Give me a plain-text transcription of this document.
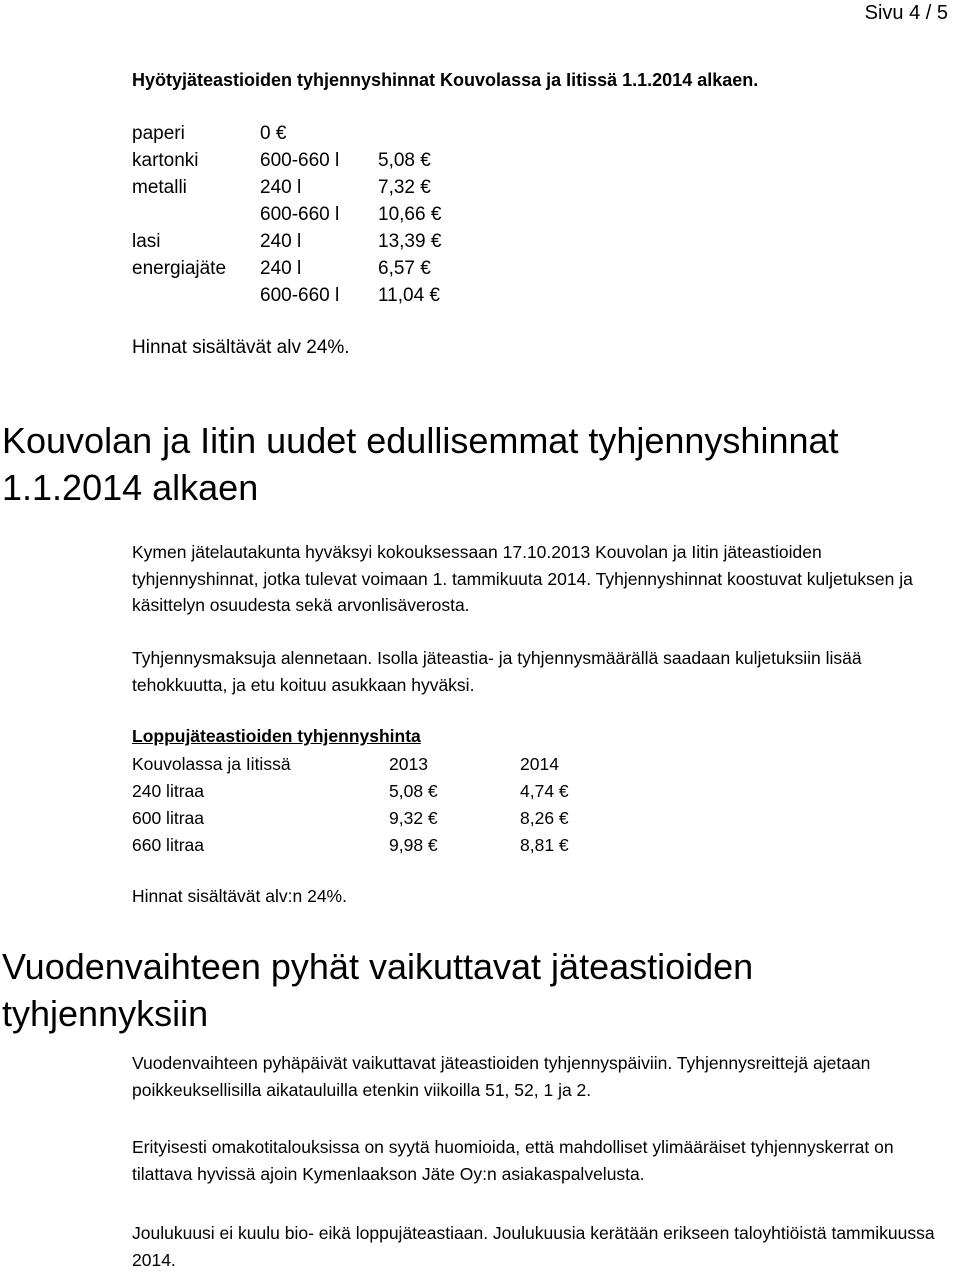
Sivu 4 / 5
Hyötyjäteastioiden tyhjennyshinnat Kouvolassa ja Iitissä 1.1.2014 alkaen.
paperi	0 €
kartonki	600-660 l 5,08 €
metalli	240 l	7,32 €
600-660 l 10,66 €
lasi	240 l	13,39 €
energiajäte 240 l	6,57 €
600-660 l 11,04 €
Hinnat sisältävät alv 24%.
Kouvolan ja Iitin uudet edullisemmat tyhjennyshinnat
1.1.2014 alkaen

Kymen jätelautakunta hyväksyi kokouksessaan 17.10.2013 Kouvolan ja Iitin jäteastioiden tyhjennyshinnat, jotka tulevat voimaan 1. tammikuuta 2014. Tyhjennyshinnat koostuvat kuljetuksen ja käsittelyn osuudesta sekä arvonlisäverosta.

Tyhjennysmaksuja alennetaan. Isolla jäteastia- ja tyhjennysmäärällä saadaan kuljetuksiin lisää tehokkuutta, ja etu koituu asukkaan hyväksi.

Loppujäteastioiden tyhjennyshinta
Kouvolassa ja Iitissä	2013	2014
240 litraa	5,08 €	4,74 €
600 litraa	9,32 €	8,26 €
660 litraa	9,98 €	8,81 €
Hinnat sisältävät alv:n 24%.
Vuodenvaihteen pyhät vaikuttavat jäteastioiden
tyhjennyksiin

Vuodenvaihteen pyhäpäivät vaikuttavat jäteastioiden tyhjennyspäiviin. Tyhjennysreittejä ajetaan poikkeuksellisilla aikatauluilla etenkin viikoilla 51, 52, 1 ja 2.

Erityisesti omakotitalouksissa on syytä huomioida, että mahdolliset ylimääräiset tyhjennyskerrat on tilattava hyvissä ajoin Kymenlaakson Jäte Oy:n asiakaspalvelusta.

Joulukuusi ei kuulu bio- eikä loppujäteastiaan. Joulukuusia kerätään erikseen taloyhtiöistä tammikuussa 2014.
